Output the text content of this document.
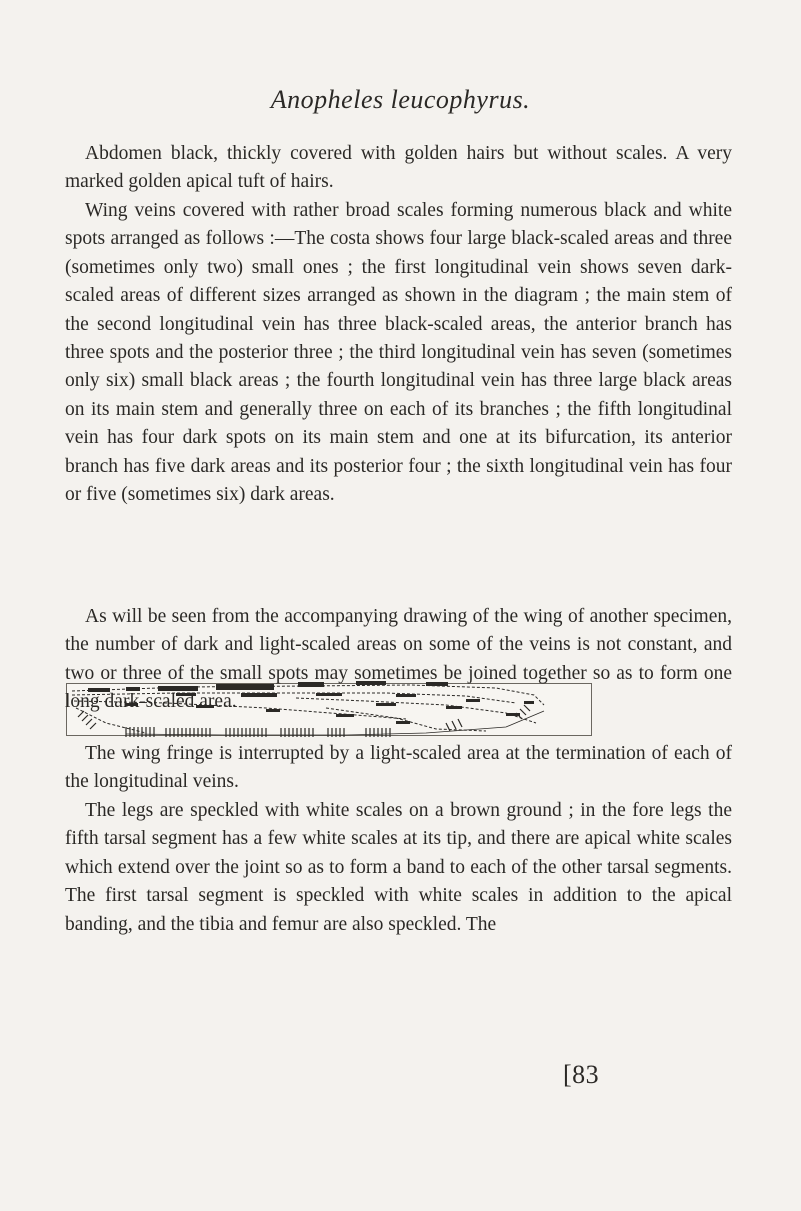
Anopheles leucophyrus.

Abdomen black, thickly covered with golden hairs but without scales. A very marked golden apical tuft of hairs.

Wing veins covered with rather broad scales forming numerous black and white spots arranged as follows :—The costa shows four large black-scaled areas and three (sometimes only two) small ones ; the first longitudinal vein shows seven dark-scaled areas of different sizes arranged as shown in the diagram ; the main stem of the second longitudinal vein has three black-scaled areas, the anterior branch has three spots and the posterior three ; the third longitudinal vein has seven (sometimes only six) small black areas ; the fourth longitudinal vein has three large black areas on its main stem and generally three on each of its branches ; the fifth longitudinal vein has four dark spots on its main stem and one at its bifurcation, its anterior branch has five dark areas and its posterior four ; the sixth longitudinal vein has four or five (sometimes six) dark areas.

As will be seen from the accompanying drawing of the wing of another specimen, the number of dark and light-scaled areas on some of the veins is not constant, and two or three of the small spots may sometimes be joined together so as to form one long dark-scaled area.

The wing fringe is interrupted by a light-scaled area at the termination of each of the longitudinal veins.

The legs are speckled with white scales on a brown ground ; in the fore legs the fifth tarsal segment has a few white scales at its tip, and there are apical white scales which extend over the joint so as to form a band to each of the other tarsal segments. The first tarsal segment is speckled with white scales in addition to the apical banding, and the tibia and femur are also speckled. The

[83
